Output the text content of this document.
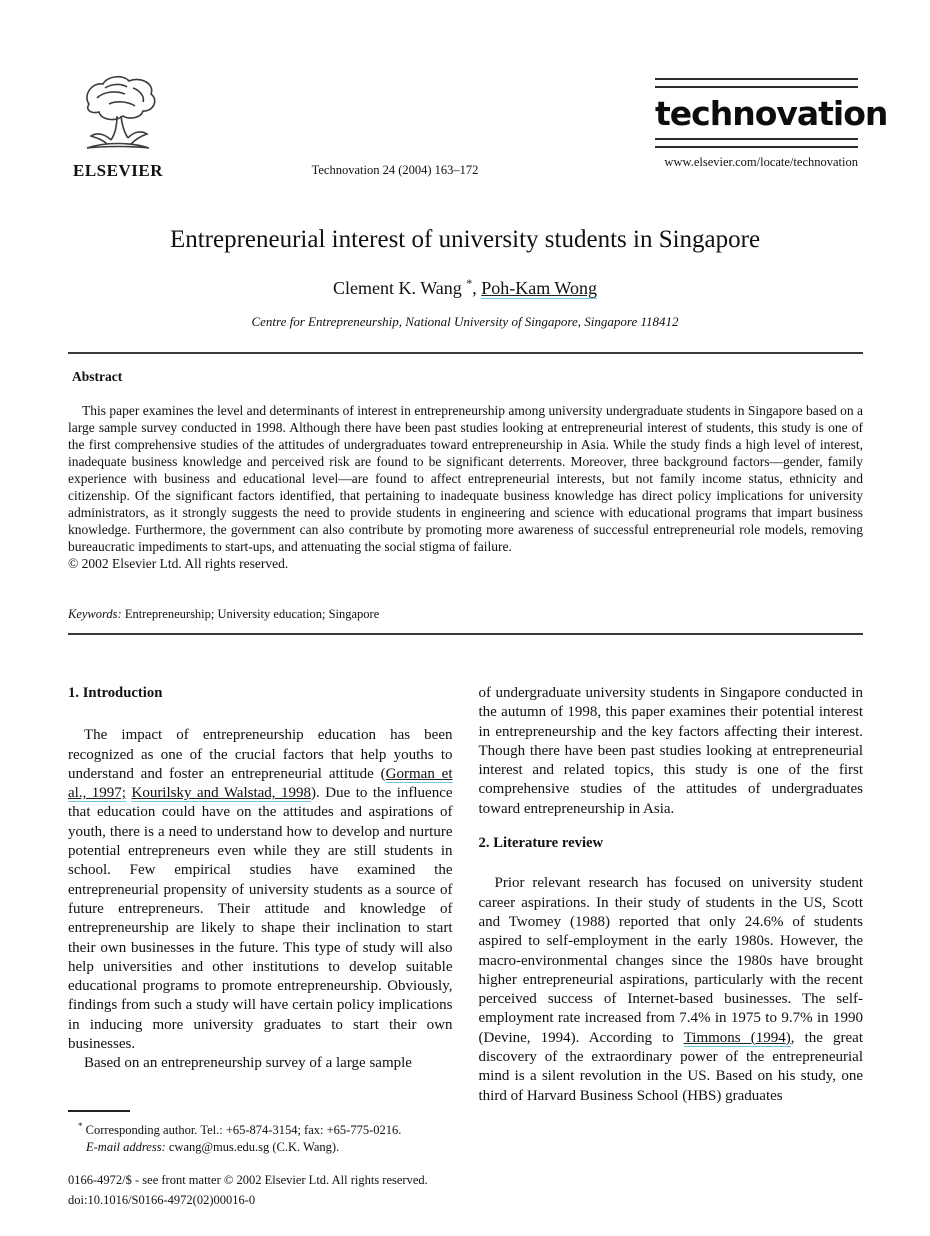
ELSEVIER	Technovation 24 (2004) 163–172
technovation
www.elsevier.com/locate/technovation
Entrepreneurial interest of university students in Singapore
Clement K. Wang *, Poh-Kam Wong
Centre for Entrepreneurship, National University of Singapore, Singapore 118412
Abstract
This paper examines the level and determinants of interest in entrepreneurship among university undergraduate students in Singapore based on a large sample survey conducted in 1998. Although there have been past studies looking at entrepreneurial interest of students, this study is one of the first comprehensive studies of the attitudes of undergraduates toward entrepreneurship in Asia. While the study finds a high level of interest, inadequate business knowledge and perceived risk are found to be significant deterrents. Moreover, three background factors—gender, family experience with business and educational level—are found to affect entrepreneurial interests, but not family income status, ethnicity and citizenship. Of the significant factors identified, that pertaining to inadequate business knowledge has direct policy implications for university administrators, as it strongly suggests the need to provide students in engineering and science with educational programs that impart business knowledge. Furthermore, the government can also contribute by promoting more awareness of successful entrepreneurial role models, removing bureaucratic impediments to start-ups, and attenuating the social stigma of failure.
© 2002 Elsevier Ltd. All rights reserved.
Keywords: Entrepreneurship; University education; Singapore
1. Introduction

The impact of entrepreneurship education has been recognized as one of the crucial factors that help youths to understand and foster an entrepreneurial attitude (Gorman et al., 1997; Kourilsky and Walstad, 1998). Due to the influence that education could have on the attitudes and aspirations of youth, there is a need to understand how to develop and nurture potential entrepreneurs even while they are still students in school. Few empirical studies have examined the entrepreneurial propensity of university students as a source of future entrepreneurs. Their attitude and knowledge of entrepreneurship are likely to shape their inclination to start their own businesses in the future. This type of study will also help universities and other institutions to develop suitable educational programs to promote entrepreneurship. Obviously, findings from such a study will have certain policy implications in inducing more university graduates to start their own businesses.

Based on an entrepreneurship survey of a large sample

of undergraduate university students in Singapore conducted in the autumn of 1998, this paper examines their potential interest in entrepreneurship and the key factors affecting their interest. Though there have been past studies looking at entrepreneurial interest and related topics, this study is one of the first comprehensive studies of the attitudes of undergraduates toward entrepreneurship in Asia.

2. Literature review

Prior relevant research has focused on university student career aspirations. In their study of students in the US, Scott and Twomey (1988) reported that only 24.6% of students aspired to self-employment in the early 1980s. However, the macro-environmental changes since the 1980s have brought higher entrepreneurial aspirations, particularly with the recent perceived success of Internet-based businesses. The self-employment rate increased from 7.4% in 1975 to 9.7% in 1990 (Devine, 1994). According to Timmons (1994), the great discovery of the extraordinary power of the entrepreneurial mind is a silent revolution in the US. Based on his study, one third of Harvard Business School (HBS) graduates

* Corresponding author. Tel.: +65-874-3154; fax: +65-775-0216.
E-mail address: cwang@mus.edu.sg (C.K. Wang).
0166-4972/$ - see front matter © 2002 Elsevier Ltd. All rights reserved.
doi:10.1016/S0166-4972(02)00016-0
